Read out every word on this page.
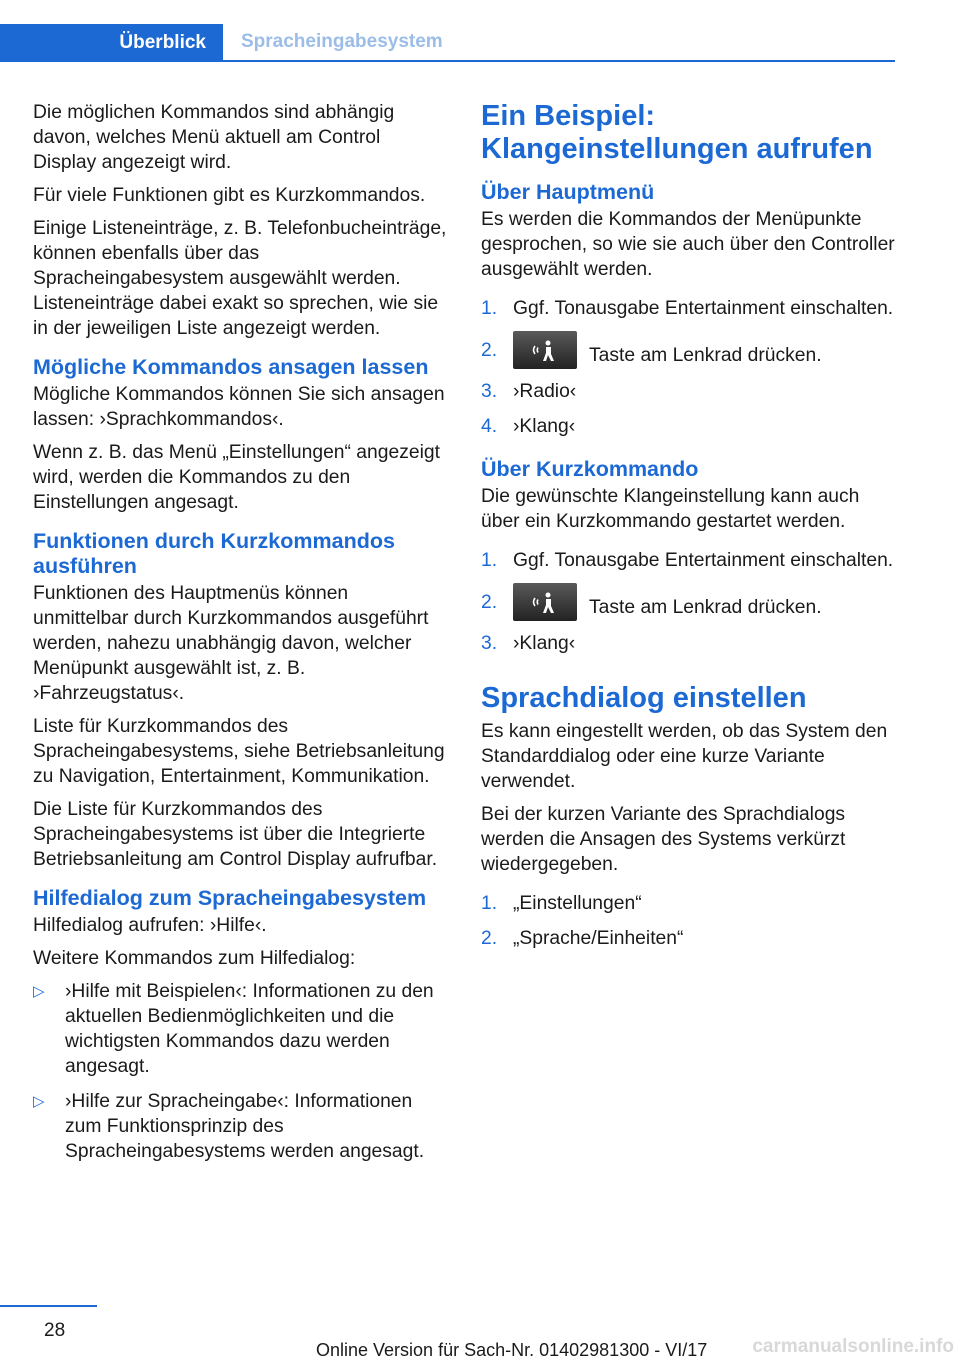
Überblick	Spracheingabesystem
Die möglichen Kommandos sind abhängig davon, welches Menü aktuell am Control Display angezeigt wird.
Für viele Funktionen gibt es Kurzkommandos.
Einige Listeneinträge, z. B. Telefonbucheinträge, können ebenfalls über das Spracheingabesystem ausgewählt werden. Listeneinträge dabei exakt so sprechen, wie sie in der jeweiligen Liste angezeigt werden.
Mögliche Kommandos ansagen lassen
Mögliche Kommandos können Sie sich ansagen lassen: ›Sprachkommandos‹.
Wenn z. B. das Menü „Einstellungen“ angezeigt wird, werden die Kommandos zu den Einstellungen angesagt.
Funktionen durch Kurzkommandos ausführen
Funktionen des Hauptmenüs können unmittelbar durch Kurzkommandos ausgeführt werden, nahezu unabhängig davon, welcher Menüpunkt ausgewählt ist, z. B. ›Fahrzeugstatus‹.
Liste für Kurzkommandos des Spracheingabesystems, siehe Betriebsanleitung zu Navigation, Entertainment, Kommunikation.
Die Liste für Kurzkommandos des Spracheingabesystems ist über die Integrierte Betriebsanleitung am Control Display aufrufbar.
Hilfedialog zum Spracheingabesystem
Hilfedialog aufrufen: ›Hilfe‹.
Weitere Kommandos zum Hilfedialog:
▷	›Hilfe mit Beispielen‹: Informationen zu den aktuellen Bedienmöglichkeiten und die wichtigsten Kommandos dazu werden angesagt.
▷	›Hilfe zur Spracheingabe‹: Informationen zum Funktionsprinzip des Spracheingabesystems werden angesagt.
Ein Beispiel: Klangeinstellungen aufrufen
Über Hauptmenü
Es werden die Kommandos der Menüpunkte gesprochen, so wie sie auch über den Controller ausgewählt werden.
1. Ggf. Tonausgabe Entertainment einschalten.
2.	Taste am Lenkrad drücken.
3. ›Radio‹
4. ›Klang‹
Über Kurzkommando
Die gewünschte Klangeinstellung kann auch über ein Kurzkommando gestartet werden.
1. Ggf. Tonausgabe Entertainment einschalten.
2.	Taste am Lenkrad drücken.
3. ›Klang‹
Sprachdialog einstellen
Es kann eingestellt werden, ob das System den Standarddialog oder eine kurze Variante verwendet.
Bei der kurzen Variante des Sprachdialogs werden die Ansagen des Systems verkürzt wiedergegeben.
1. „Einstellungen“
2. „Sprache/Einheiten“
28
Online Version für Sach-Nr. 01402981300 - VI/17 carmanualsonline.info
